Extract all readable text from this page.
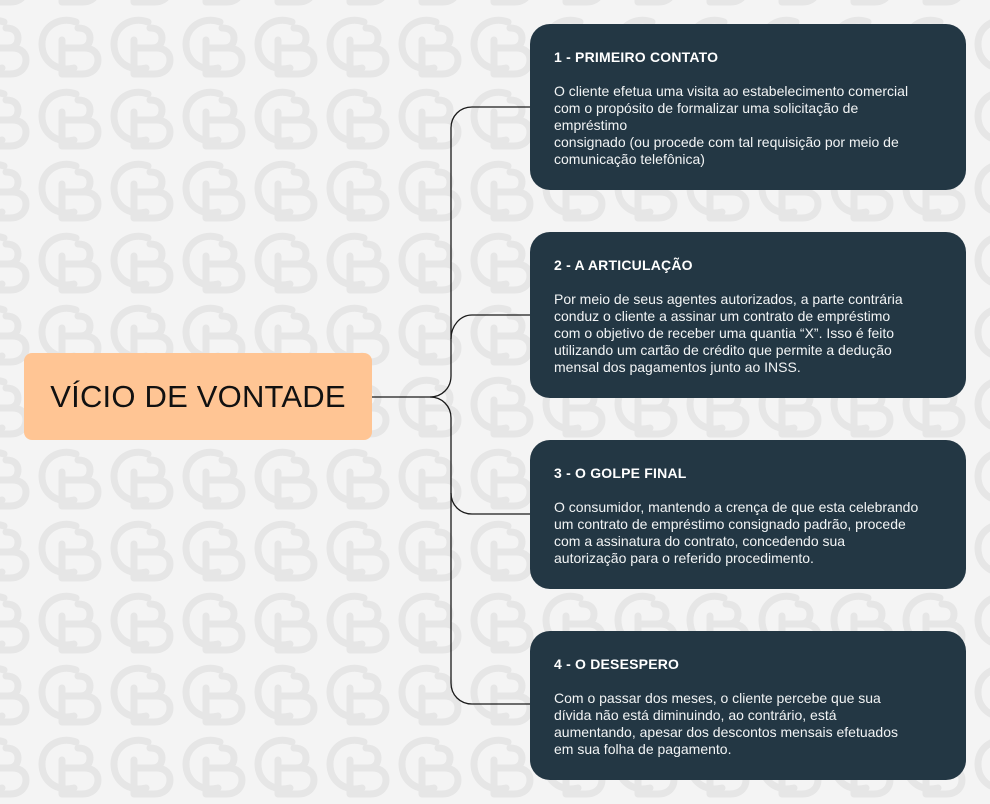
VÍCIO DE VONTADE
1 - PRIMEIRO CONTATO

O cliente efetua uma visita ao estabelecimento comercial
com o propósito de formalizar uma solicitação de
empréstimo
consignado (ou procede com tal requisição por meio de
comunicação telefônica)

2 - A ARTICULAÇÃO

Por meio de seus agentes autorizados, a parte contrária
conduz o cliente a assinar um contrato de empréstimo
com o objetivo de receber uma quantia “X”. Isso é feito
utilizando um cartão de crédito que permite a dedução
mensal dos pagamentos junto ao INSS.

3 - O GOLPE FINAL

O consumidor, mantendo a crença de que esta celebrando
um contrato de empréstimo consignado padrão, procede
com a assinatura do contrato, concedendo sua
autorização para o referido procedimento.

4 - O DESESPERO

Com o passar dos meses, o cliente percebe que sua
dívida não está diminuindo, ao contrário, está
aumentando, apesar dos descontos mensais efetuados
em sua folha de pagamento.
